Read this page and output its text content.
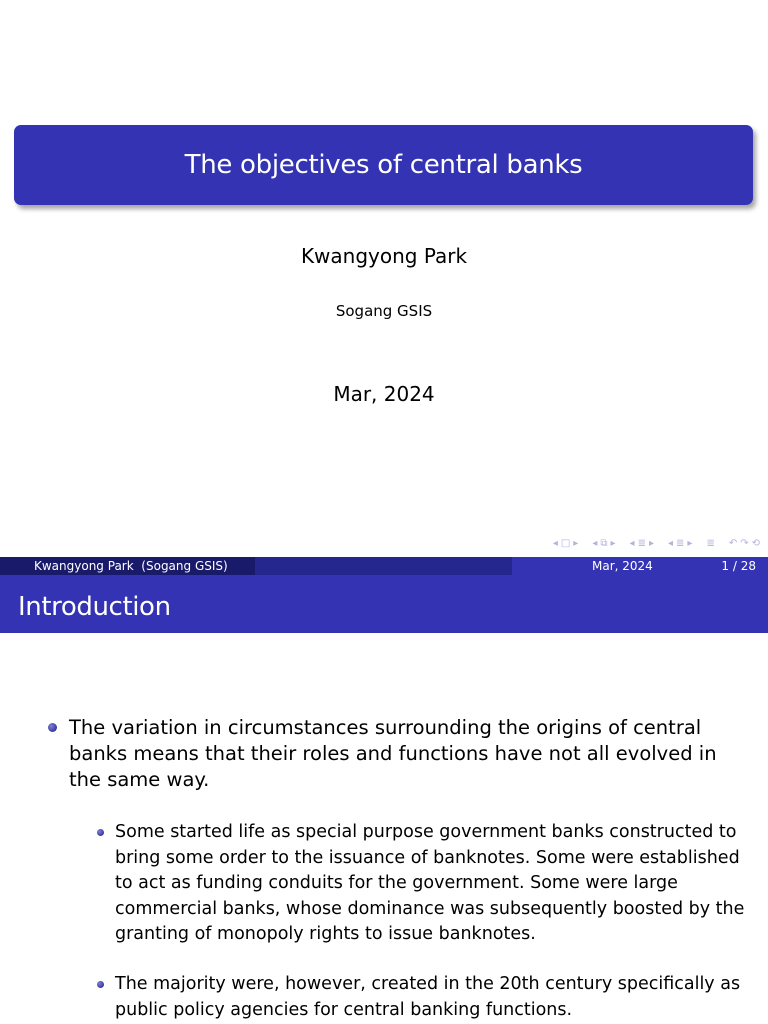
The objectives of central banks
Kwangyong Park
Sogang GSIS
Mar, 2024
◂ □ ▸ ◂ ⧉ ▸ ◂ ≣ ▸ ◂ ≣ ▸ ≣ ↶ ↷ ⟲
Kwangyong Park  (Sogang GSIS)	Mar, 2024	1 / 28
Introduction
The variation in circumstances surrounding the origins of central banks means that their roles and functions have not all evolved in the same way.
Some started life as special purpose government banks constructed to bring some order to the issuance of banknotes. Some were established to act as funding conduits for the government. Some were large commercial banks, whose dominance was subsequently boosted by the granting of monopoly rights to issue banknotes.
The majority were, however, created in the 20th century specifically as public policy agencies for central banking functions.
